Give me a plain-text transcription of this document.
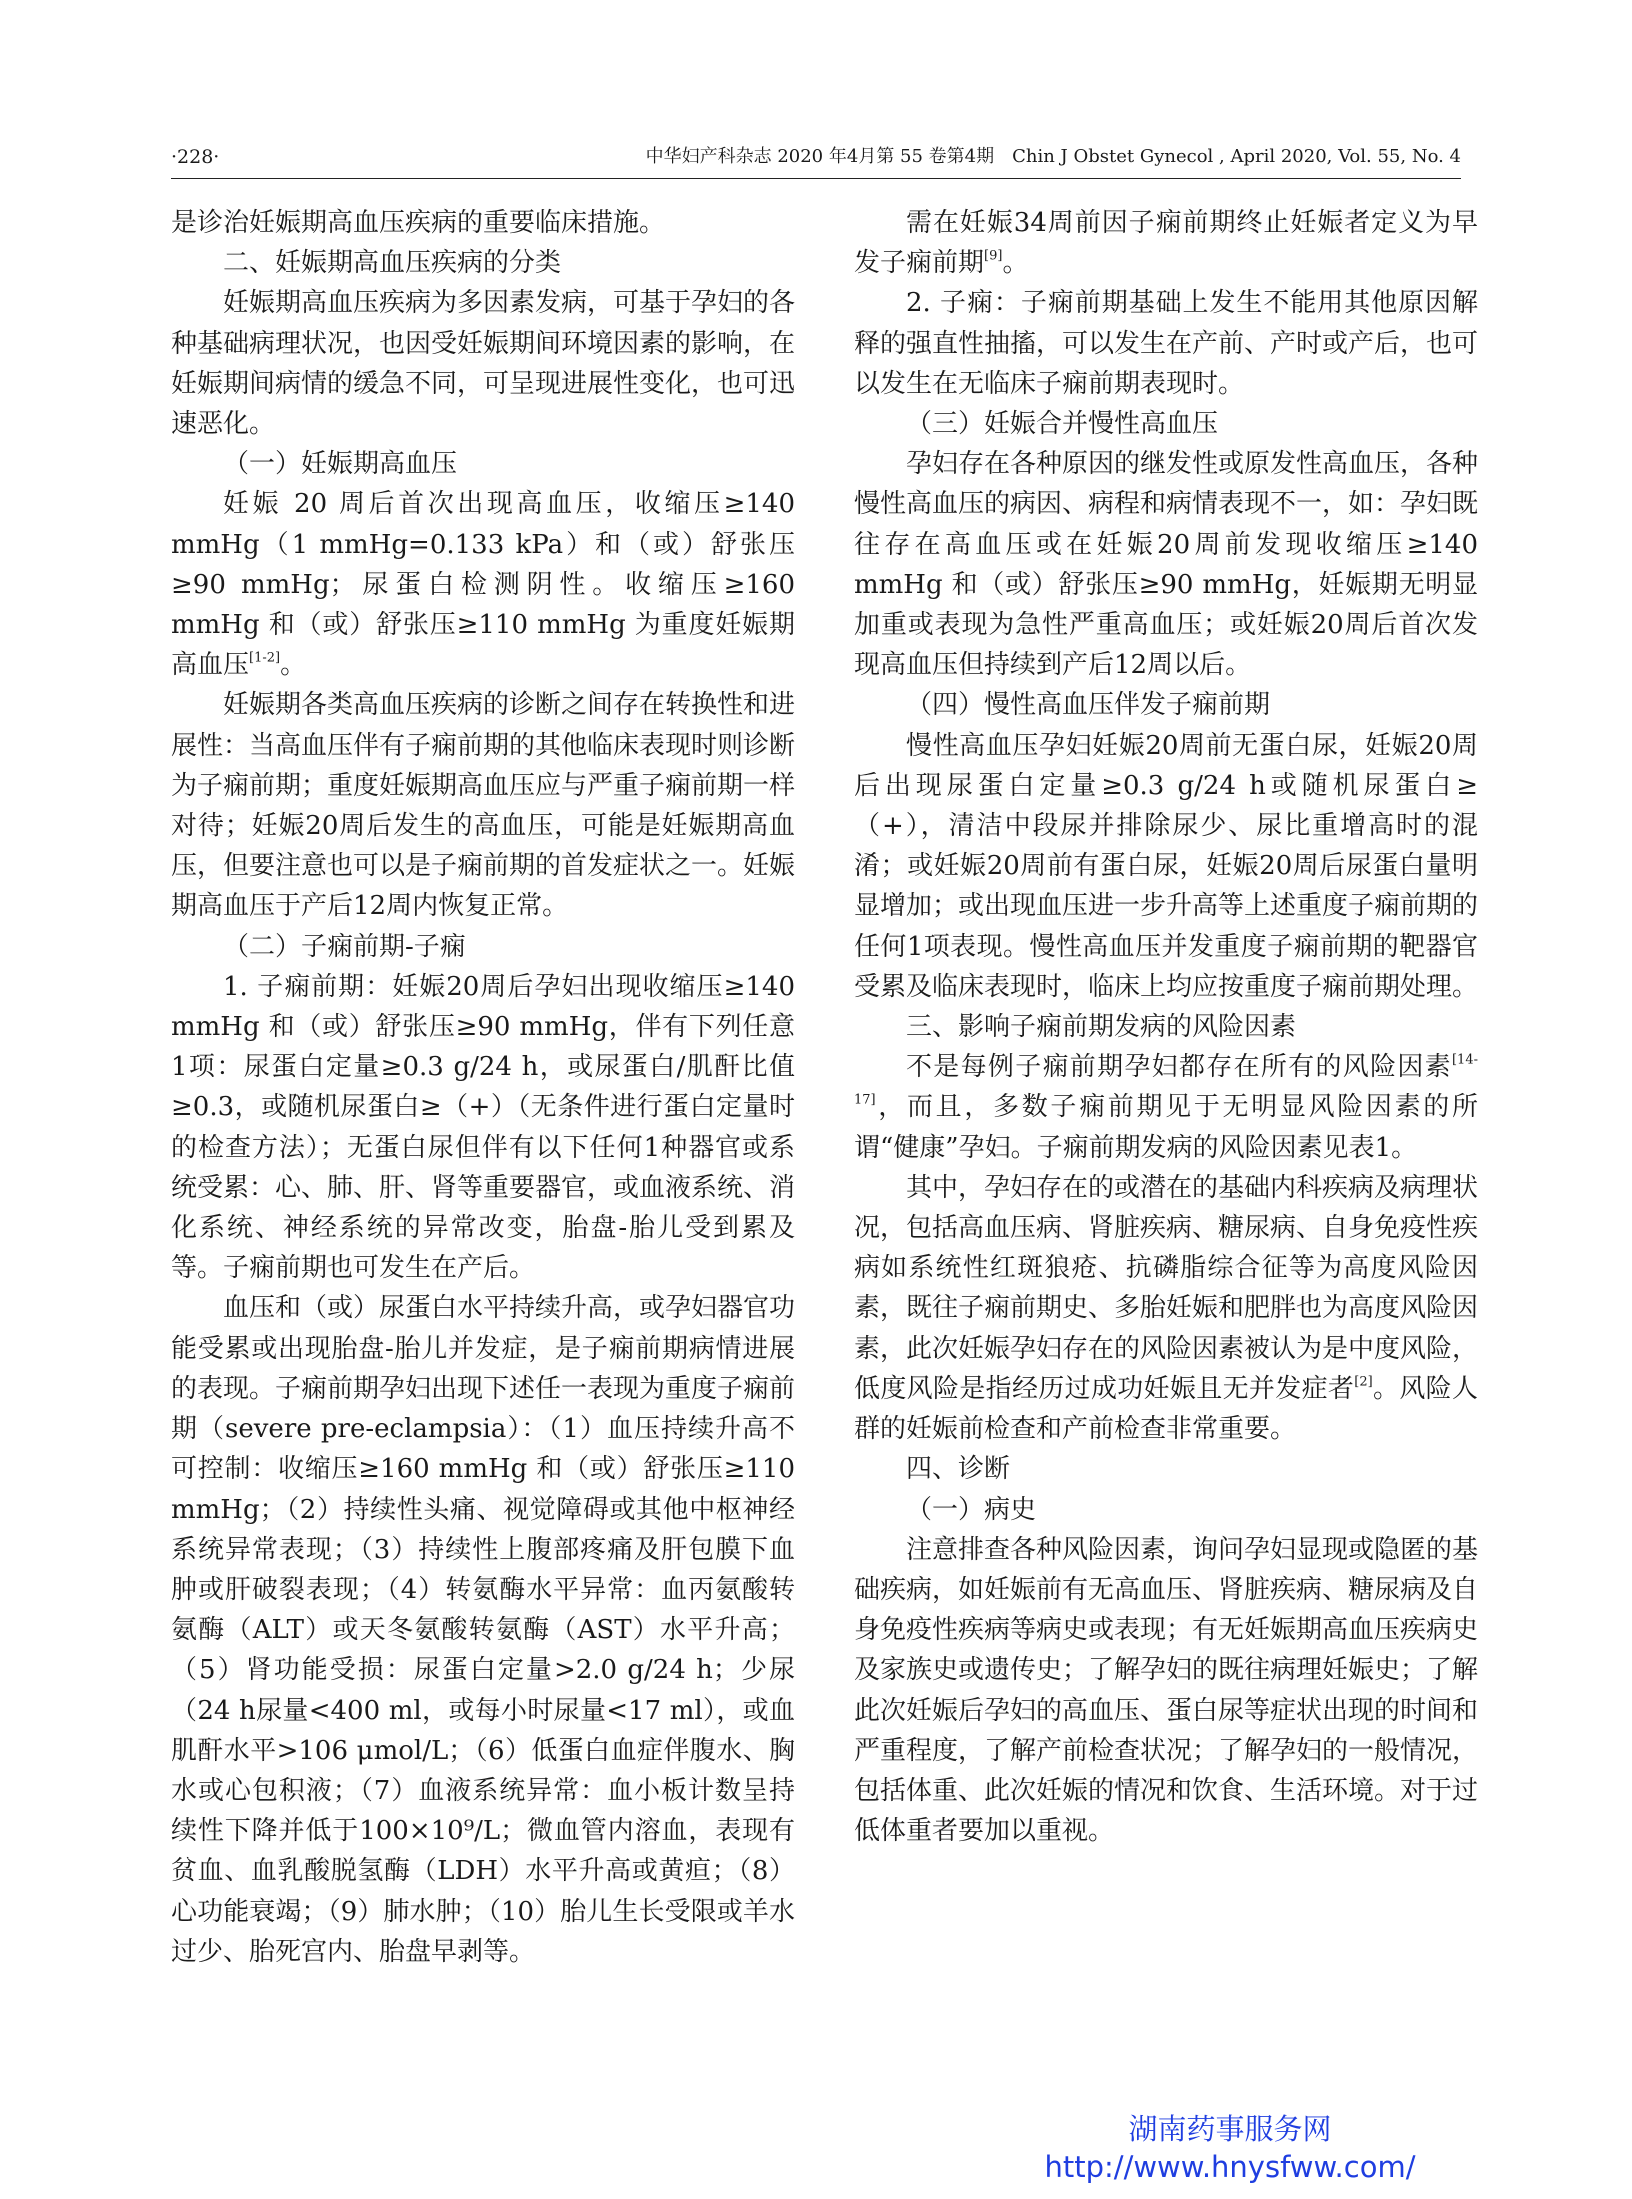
·228·	中华妇产科杂志 2020 年4月第 55 卷第4期　Chin J Obstet Gynecol , April 2020, Vol. 55, No. 4

是诊治妊娠期高血压疾病的重要临床措施。

二、妊娠期高血压疾病的分类

妊娠期高血压疾病为多因素发病，可基于孕妇的各种基础病理状况，也因受妊娠期间环境因素的影响，在妊娠期间病情的缓急不同，可呈现进展性变化，也可迅速恶化。

（一）妊娠期高血压

妊娠 20 周后首次出现高血压，收缩压≥140 mmHg（1 mmHg=0.133 kPa）和（或）舒张压≥90 mmHg；尿蛋白检测阴性。收缩压≥160 mmHg 和（或）舒张压≥110 mmHg 为重度妊娠期高血压[1-2]。

妊娠期各类高血压疾病的诊断之间存在转换性和进展性：当高血压伴有子痫前期的其他临床表现时则诊断为子痫前期；重度妊娠期高血压应与严重子痫前期一样对待；妊娠20周后发生的高血压，可能是妊娠期高血压，但要注意也可以是子痫前期的首发症状之一。妊娠期高血压于产后12周内恢复正常。

（二）子痫前期-子痫

1. 子痫前期：妊娠20周后孕妇出现收缩压≥140 mmHg 和（或）舒张压≥90 mmHg，伴有下列任意1项：尿蛋白定量≥0.3 g/24 h，或尿蛋白/肌酐比值≥0.3，或随机尿蛋白≥（+）（无条件进行蛋白定量时的检查方法）；无蛋白尿但伴有以下任何1种器官或系统受累：心、肺、肝、肾等重要器官，或血液系统、消化系统、神经系统的异常改变，胎盘-胎儿受到累及等。子痫前期也可发生在产后。

血压和（或）尿蛋白水平持续升高，或孕妇器官功能受累或出现胎盘-胎儿并发症，是子痫前期病情进展的表现。子痫前期孕妇出现下述任一表现为重度子痫前期（severe pre-eclampsia）：（1）血压持续升高不可控制：收缩压≥160 mmHg 和（或）舒张压≥110 mmHg；（2）持续性头痛、视觉障碍或其他中枢神经系统异常表现；（3）持续性上腹部疼痛及肝包膜下血肿或肝破裂表现；（4）转氨酶水平异常：血丙氨酸转氨酶（ALT）或天冬氨酸转氨酶（AST）水平升高；（5）肾功能受损：尿蛋白定量>2.0 g/24 h；少尿（24 h尿量<400 ml，或每小时尿量<17 ml），或血肌酐水平>106 μmol/L；（6）低蛋白血症伴腹水、胸水或心包积液；（7）血液系统异常：血小板计数呈持续性下降并低于100×10⁹/L；微血管内溶血，表现有贫血、血乳酸脱氢酶（LDH）水平升高或黄疸；（8）心功能衰竭；（9）肺水肿；（10）胎儿生长受限或羊水过少、胎死宫内、胎盘早剥等。

需在妊娠34周前因子痫前期终止妊娠者定义为早发子痫前期[9]。

2. 子痫：子痫前期基础上发生不能用其他原因解释的强直性抽搐，可以发生在产前、产时或产后，也可以发生在无临床子痫前期表现时。

（三）妊娠合并慢性高血压

孕妇存在各种原因的继发性或原发性高血压，各种慢性高血压的病因、病程和病情表现不一，如：孕妇既往存在高血压或在妊娠20周前发现收缩压≥140 mmHg 和（或）舒张压≥90 mmHg，妊娠期无明显加重或表现为急性严重高血压；或妊娠20周后首次发现高血压但持续到产后12周以后。

（四）慢性高血压伴发子痫前期

慢性高血压孕妇妊娠20周前无蛋白尿，妊娠20周后出现尿蛋白定量≥0.3 g/24 h或随机尿蛋白≥（+），清洁中段尿并排除尿少、尿比重增高时的混淆；或妊娠20周前有蛋白尿，妊娠20周后尿蛋白量明显增加；或出现血压进一步升高等上述重度子痫前期的任何1项表现。慢性高血压并发重度子痫前期的靶器官受累及临床表现时，临床上均应按重度子痫前期处理。

三、影响子痫前期发病的风险因素

不是每例子痫前期孕妇都存在所有的风险因素[14-17]，而且，多数子痫前期见于无明显风险因素的所谓“健康”孕妇。子痫前期发病的风险因素见表1。

其中，孕妇存在的或潜在的基础内科疾病及病理状况，包括高血压病、肾脏疾病、糖尿病、自身免疫性疾病如系统性红斑狼疮、抗磷脂综合征等为高度风险因素，既往子痫前期史、多胎妊娠和肥胖也为高度风险因素，此次妊娠孕妇存在的风险因素被认为是中度风险，低度风险是指经历过成功妊娠且无并发症者[2]。风险人群的妊娠前检查和产前检查非常重要。

四、诊断

（一）病史

注意排查各种风险因素，询问孕妇显现或隐匿的基础疾病，如妊娠前有无高血压、肾脏疾病、糖尿病及自身免疫性疾病等病史或表现；有无妊娠期高血压疾病史及家族史或遗传史；了解孕妇的既往病理妊娠史；了解此次妊娠后孕妇的高血压、蛋白尿等症状出现的时间和严重程度，了解产前检查状况；了解孕妇的一般情况，包括体重、此次妊娠的情况和饮食、生活环境。对于过低体重者要加以重视。

湖南药事服务网
http://www.hnysfww.com/
